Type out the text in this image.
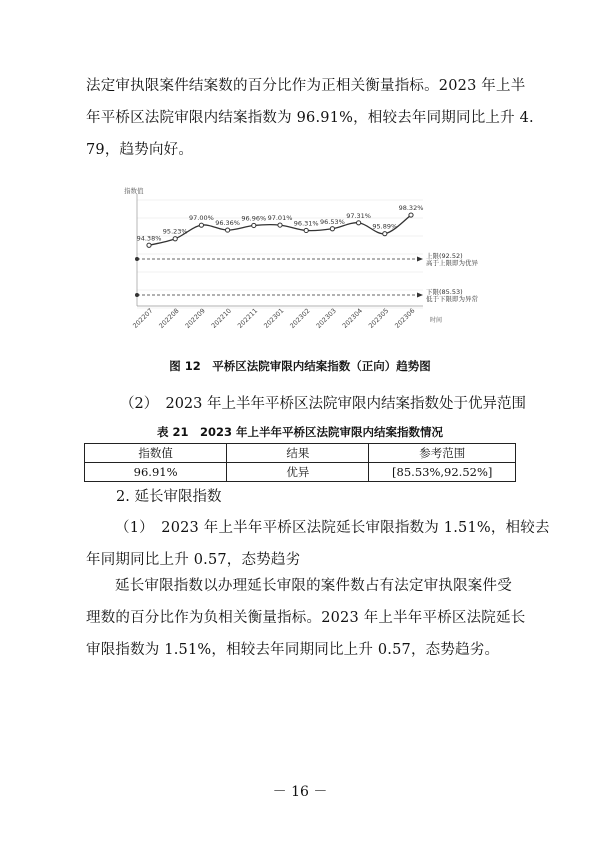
法定审执限案件结案数的百分比作为正相关衡量指标。2023 年上半
年平桥区法院审限内结案指数为 96.91%，相较去年同期同比上升 4.
79，趋势向好。
指数值
时间
上限(92.52)
高于上限即为优异
下限(85.53)
低于下限即为异常
94.38%
95.23%
97.00%
96.36%
96.96% 97.01%
96.31% 96.53%
97.31%
95.89%
98.32%
202207 202208 202209 202210 202211 202301 202302 202303 202304 202305 202306
图 12　平桥区法院审限内结案指数（正向）趋势图
（2）　2023 年上半年平桥区法院审限内结案指数处于优异范围
表 21　2023 年上半年平桥区法院审限内结案指数情况
指数值	结果	参考范围
96.91%	优异	[85.53%,92.52%]
2. 延长审限指数
（1）　2023 年上半年平桥区法院延长审限指数为 1.51%，相较去
年同期同比上升 0.57，态势趋劣
延长审限指数以办理延长审限的案件数占有法定审执限案件受
理数的百分比作为负相关衡量指标。2023 年上半年平桥区法院延长
审限指数为 1.51%，相较去年同期同比上升 0.57，态势趋劣。
－ 16 －
